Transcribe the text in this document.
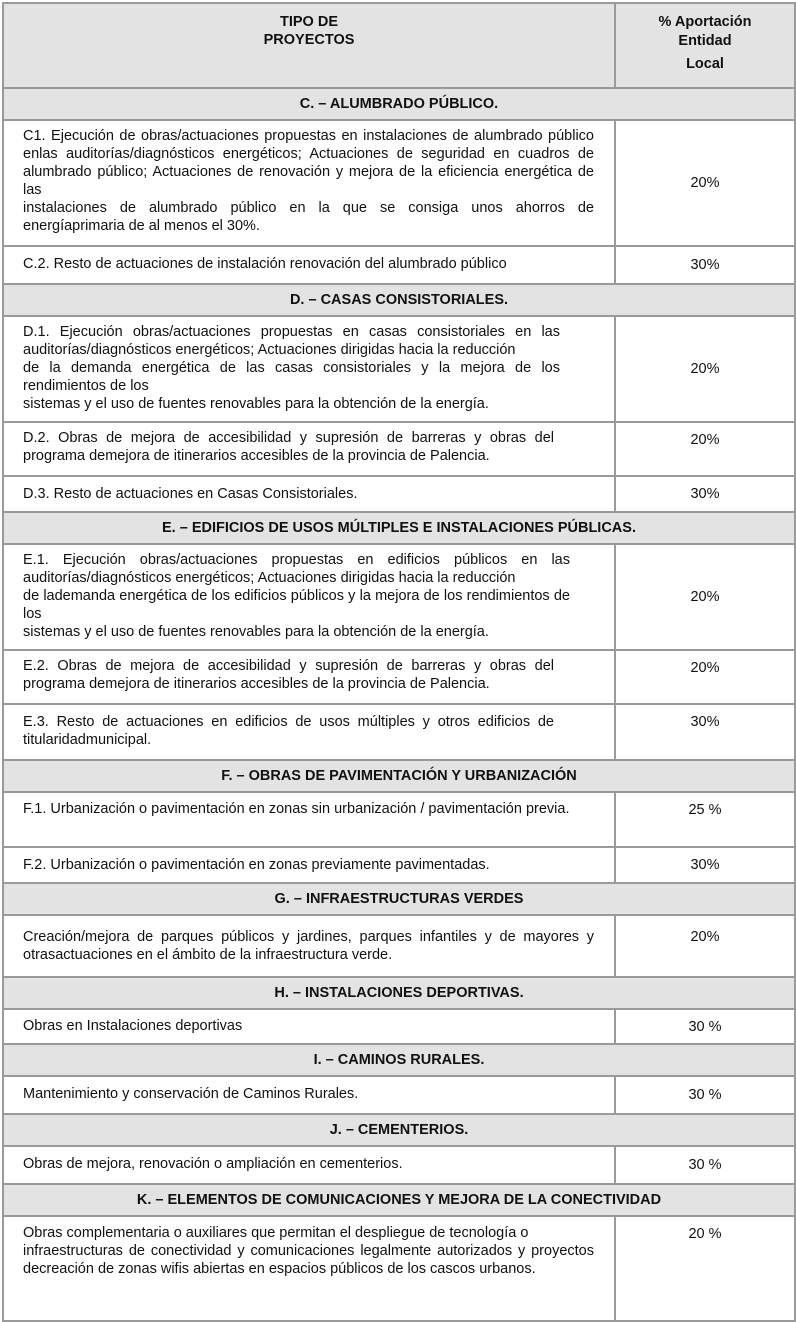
TIPO DE
PROYECTOS	% Aportación
Entidad
Local

C. – ALUMBRADO PÚBLICO.	

C1. Ejecución de obras/actuaciones propuestas en instalaciones de alumbrado público enlas auditorías/diagnósticos energéticos; Actuaciones de seguridad en cuadros de alumbrado público; Actuaciones de renovación y mejora de la eficiencia energética de las
instalaciones de alumbrado público en la que se consiga unos ahorros de energíaprimaria de al menos el 30%.	20%

C.2. Resto de actuaciones de instalación renovación del alumbrado público	30%
D. – CASAS CONSISTORIALES.	

D.1. Ejecución obras/actuaciones propuestas en casas consistoriales en las auditorías/diagnósticos energéticos; Actuaciones dirigidas hacia la reducción
de la demanda energética de las casas consistoriales y la mejora de los rendimientos de los
sistemas y el uso de fuentes renovables para la obtención de la energía.	20%

D.2. Obras de mejora de accesibilidad y supresión de barreras y obras del programa demejora de itinerarios accesibles de la provincia de Palencia.	20%

D.3. Resto de actuaciones en Casas Consistoriales.	30%
E. – EDIFICIOS DE USOS MÚLTIPLES E INSTALACIONES PÚBLICAS.	

E.1. Ejecución obras/actuaciones propuestas en edificios públicos en las auditorías/diagnósticos energéticos; Actuaciones dirigidas hacia la reducción
de lademanda energética de los edificios públicos y la mejora de los rendimientos de los
sistemas y el uso de fuentes renovables para la obtención de la energía.	20%

E.2. Obras de mejora de accesibilidad y supresión de barreras y obras del programa demejora de itinerarios accesibles de la provincia de Palencia.	20%

E.3. Resto de actuaciones en edificios de usos múltiples y otros edificios de titularidadmunicipal.	30%
F. – OBRAS DE PAVIMENTACIÓN Y URBANIZACIÓN	

F.1. Urbanización o pavimentación en zonas sin urbanización / pavimentación previa.	25 %

F.2. Urbanización o pavimentación en zonas previamente pavimentadas.	30%
G. – INFRAESTRUCTURAS VERDES	

Creación/mejora de parques públicos y jardines, parques infantiles y de mayores y otrasactuaciones en el ámbito de la infraestructura verde.	20%
H. – INSTALACIONES DEPORTIVAS.	

Obras en Instalaciones deportivas	30 %
I. – CAMINOS RURALES.	

Mantenimiento y conservación de Caminos Rurales.	30 %
J. – CEMENTERIOS.	

Obras de mejora, renovación o ampliación en cementerios.	30 %
K. – ELEMENTOS DE COMUNICACIONES Y MEJORA DE LA CONECTIVIDAD	

Obras complementaria o auxiliares que permitan el despliegue de tecnología o
infraestructuras de conectividad y comunicaciones legalmente autorizados y proyectos decreación de zonas wifis abiertas en espacios públicos de los cascos urbanos.	20 %
